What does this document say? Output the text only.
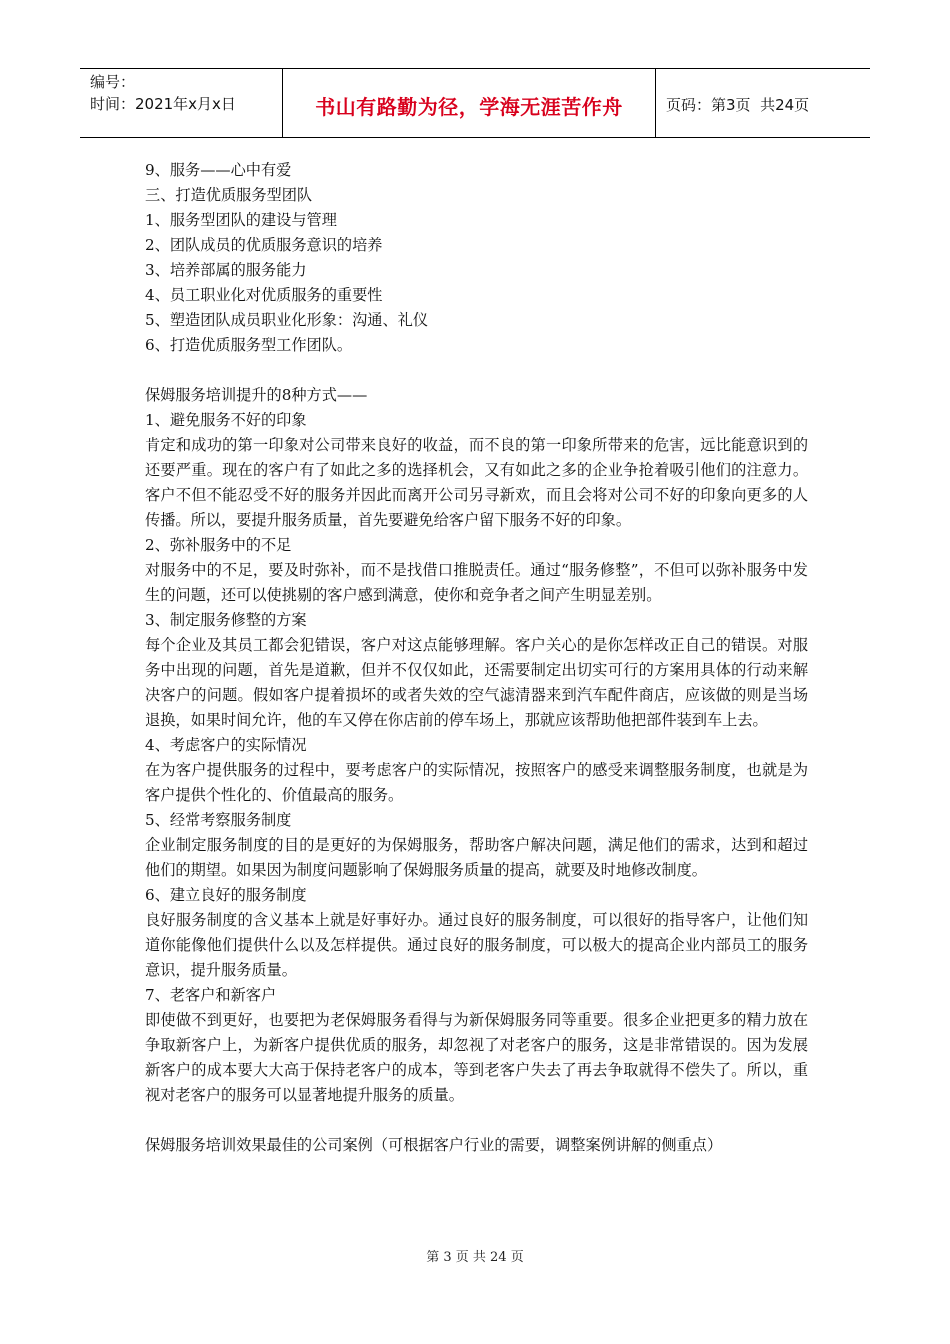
编号：
时间：2021年x月x日	书山有路勤为径，学海无涯苦作舟	页码：第3页  共24页

9、服务——心中有爱

三、打造优质服务型团队

1、服务型团队的建设与管理

2、团队成员的优质服务意识的培养

3、培养部属的服务能力

4、员工职业化对优质服务的重要性

5、塑造团队成员职业化形象：沟通、礼仪

6、打造优质服务型工作团队。

保姆服务培训提升的8种方式——

1、避免服务不好的印象

肯定和成功的第一印象对公司带来良好的收益，而不良的第一印象所带来的危害，远比能意识到的还要严重。现在的客户有了如此之多的选择机会，又有如此之多的企业争抢着吸引他们的注意力。客户不但不能忍受不好的服务并因此而离开公司另寻新欢，而且会将对公司不好的印象向更多的人传播。所以，要提升服务质量，首先要避免给客户留下服务不好的印象。

2、弥补服务中的不足

对服务中的不足，要及时弥补，而不是找借口推脱责任。通过“服务修整”，不但可以弥补服务中发生的问题，还可以使挑剔的客户感到满意，使你和竞争者之间产生明显差别。

3、制定服务修整的方案

每个企业及其员工都会犯错误，客户对这点能够理解。客户关心的是你怎样改正自己的错误。对服务中出现的问题，首先是道歉，但并不仅仅如此，还需要制定出切实可行的方案用具体的行动来解决客户的问题。假如客户提着损坏的或者失效的空气滤清器来到汽车配件商店，应该做的则是当场退换，如果时间允许，他的车又停在你店前的停车场上，那就应该帮助他把部件装到车上去。

4、考虑客户的实际情况

在为客户提供服务的过程中，要考虑客户的实际情况，按照客户的感受来调整服务制度，也就是为客户提供个性化的、价值最高的服务。

5、经常考察服务制度

企业制定服务制度的目的是更好的为保姆服务，帮助客户解决问题，满足他们的需求，达到和超过他们的期望。如果因为制度问题影响了保姆服务质量的提高，就要及时地修改制度。

6、建立良好的服务制度

良好服务制度的含义基本上就是好事好办。通过良好的服务制度，可以很好的指导客户，让他们知道你能像他们提供什么以及怎样提供。通过良好的服务制度，可以极大的提高企业内部员工的服务意识，提升服务质量。

7、老客户和新客户

即使做不到更好，也要把为老保姆服务看得与为新保姆服务同等重要。很多企业把更多的精力放在争取新客户上，为新客户提供优质的服务，却忽视了对老客户的服务，这是非常错误的。因为发展新客户的成本要大大高于保持老客户的成本，等到老客户失去了再去争取就得不偿失了。所以，重视对老客户的服务可以显著地提升服务的质量。

保姆服务培训效果最佳的公司案例（可根据客户行业的需要，调整案例讲解的侧重点）

第 3 页 共 24 页
